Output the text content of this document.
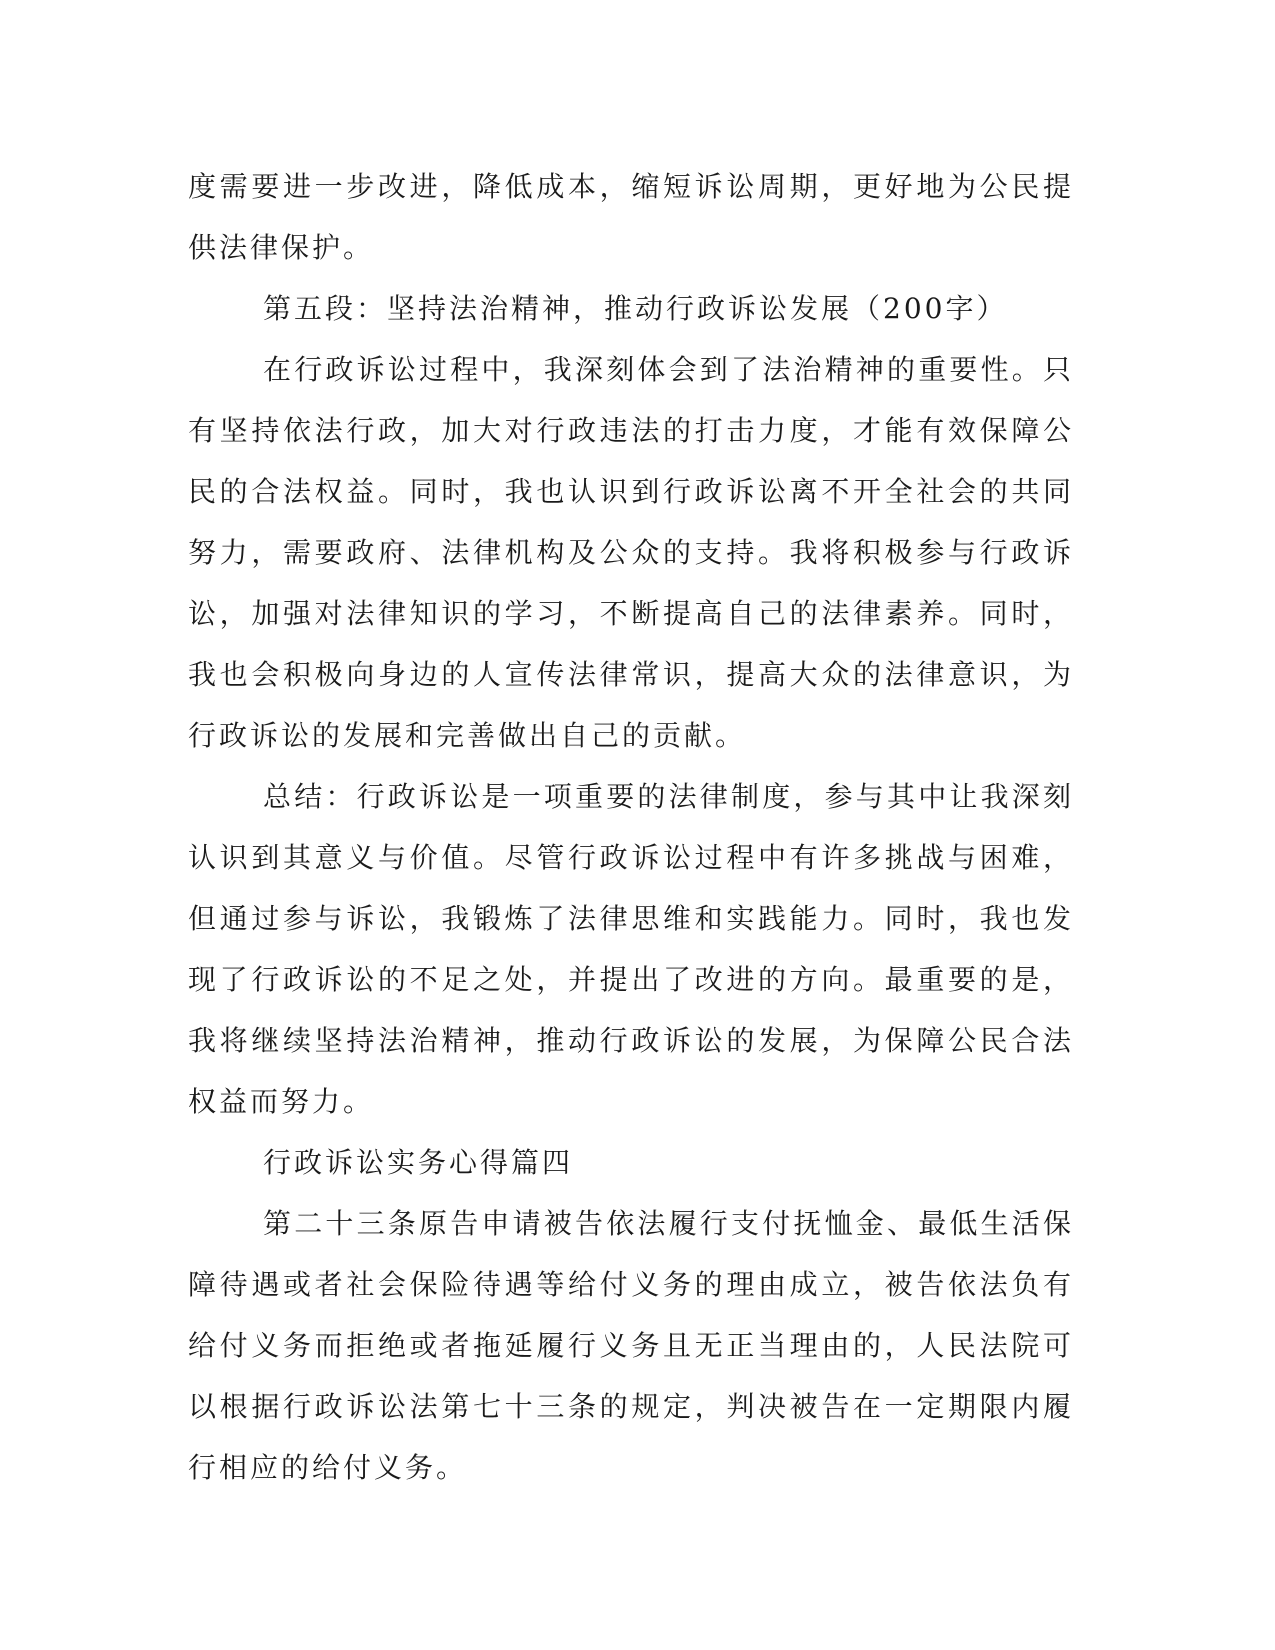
度需要进一步改进，降低成本，缩短诉讼周期，更好地为公民提供法律保护。

第五段：坚持法治精神，推动行政诉讼发展（200字）

在行政诉讼过程中，我深刻体会到了法治精神的重要性。只有坚持依法行政，加大对行政违法的打击力度，才能有效保障公民的合法权益。同时，我也认识到行政诉讼离不开全社会的共同努力，需要政府、法律机构及公众的支持。我将积极参与行政诉讼，加强对法律知识的学习，不断提高自己的法律素养。同时，我也会积极向身边的人宣传法律常识，提高大众的法律意识，为行政诉讼的发展和完善做出自己的贡献。

总结：行政诉讼是一项重要的法律制度，参与其中让我深刻认识到其意义与价值。尽管行政诉讼过程中有许多挑战与困难，但通过参与诉讼，我锻炼了法律思维和实践能力。同时，我也发现了行政诉讼的不足之处，并提出了改进的方向。最重要的是，我将继续坚持法治精神，推动行政诉讼的发展，为保障公民合法权益而努力。

行政诉讼实务心得篇四

第二十三条原告申请被告依法履行支付抚恤金、最低生活保障待遇或者社会保险待遇等给付义务的理由成立，被告依法负有给付义务而拒绝或者拖延履行义务且无正当理由的，人民法院可以根据行政诉讼法第七十三条的规定，判决被告在一定期限内履行相应的给付义务。
